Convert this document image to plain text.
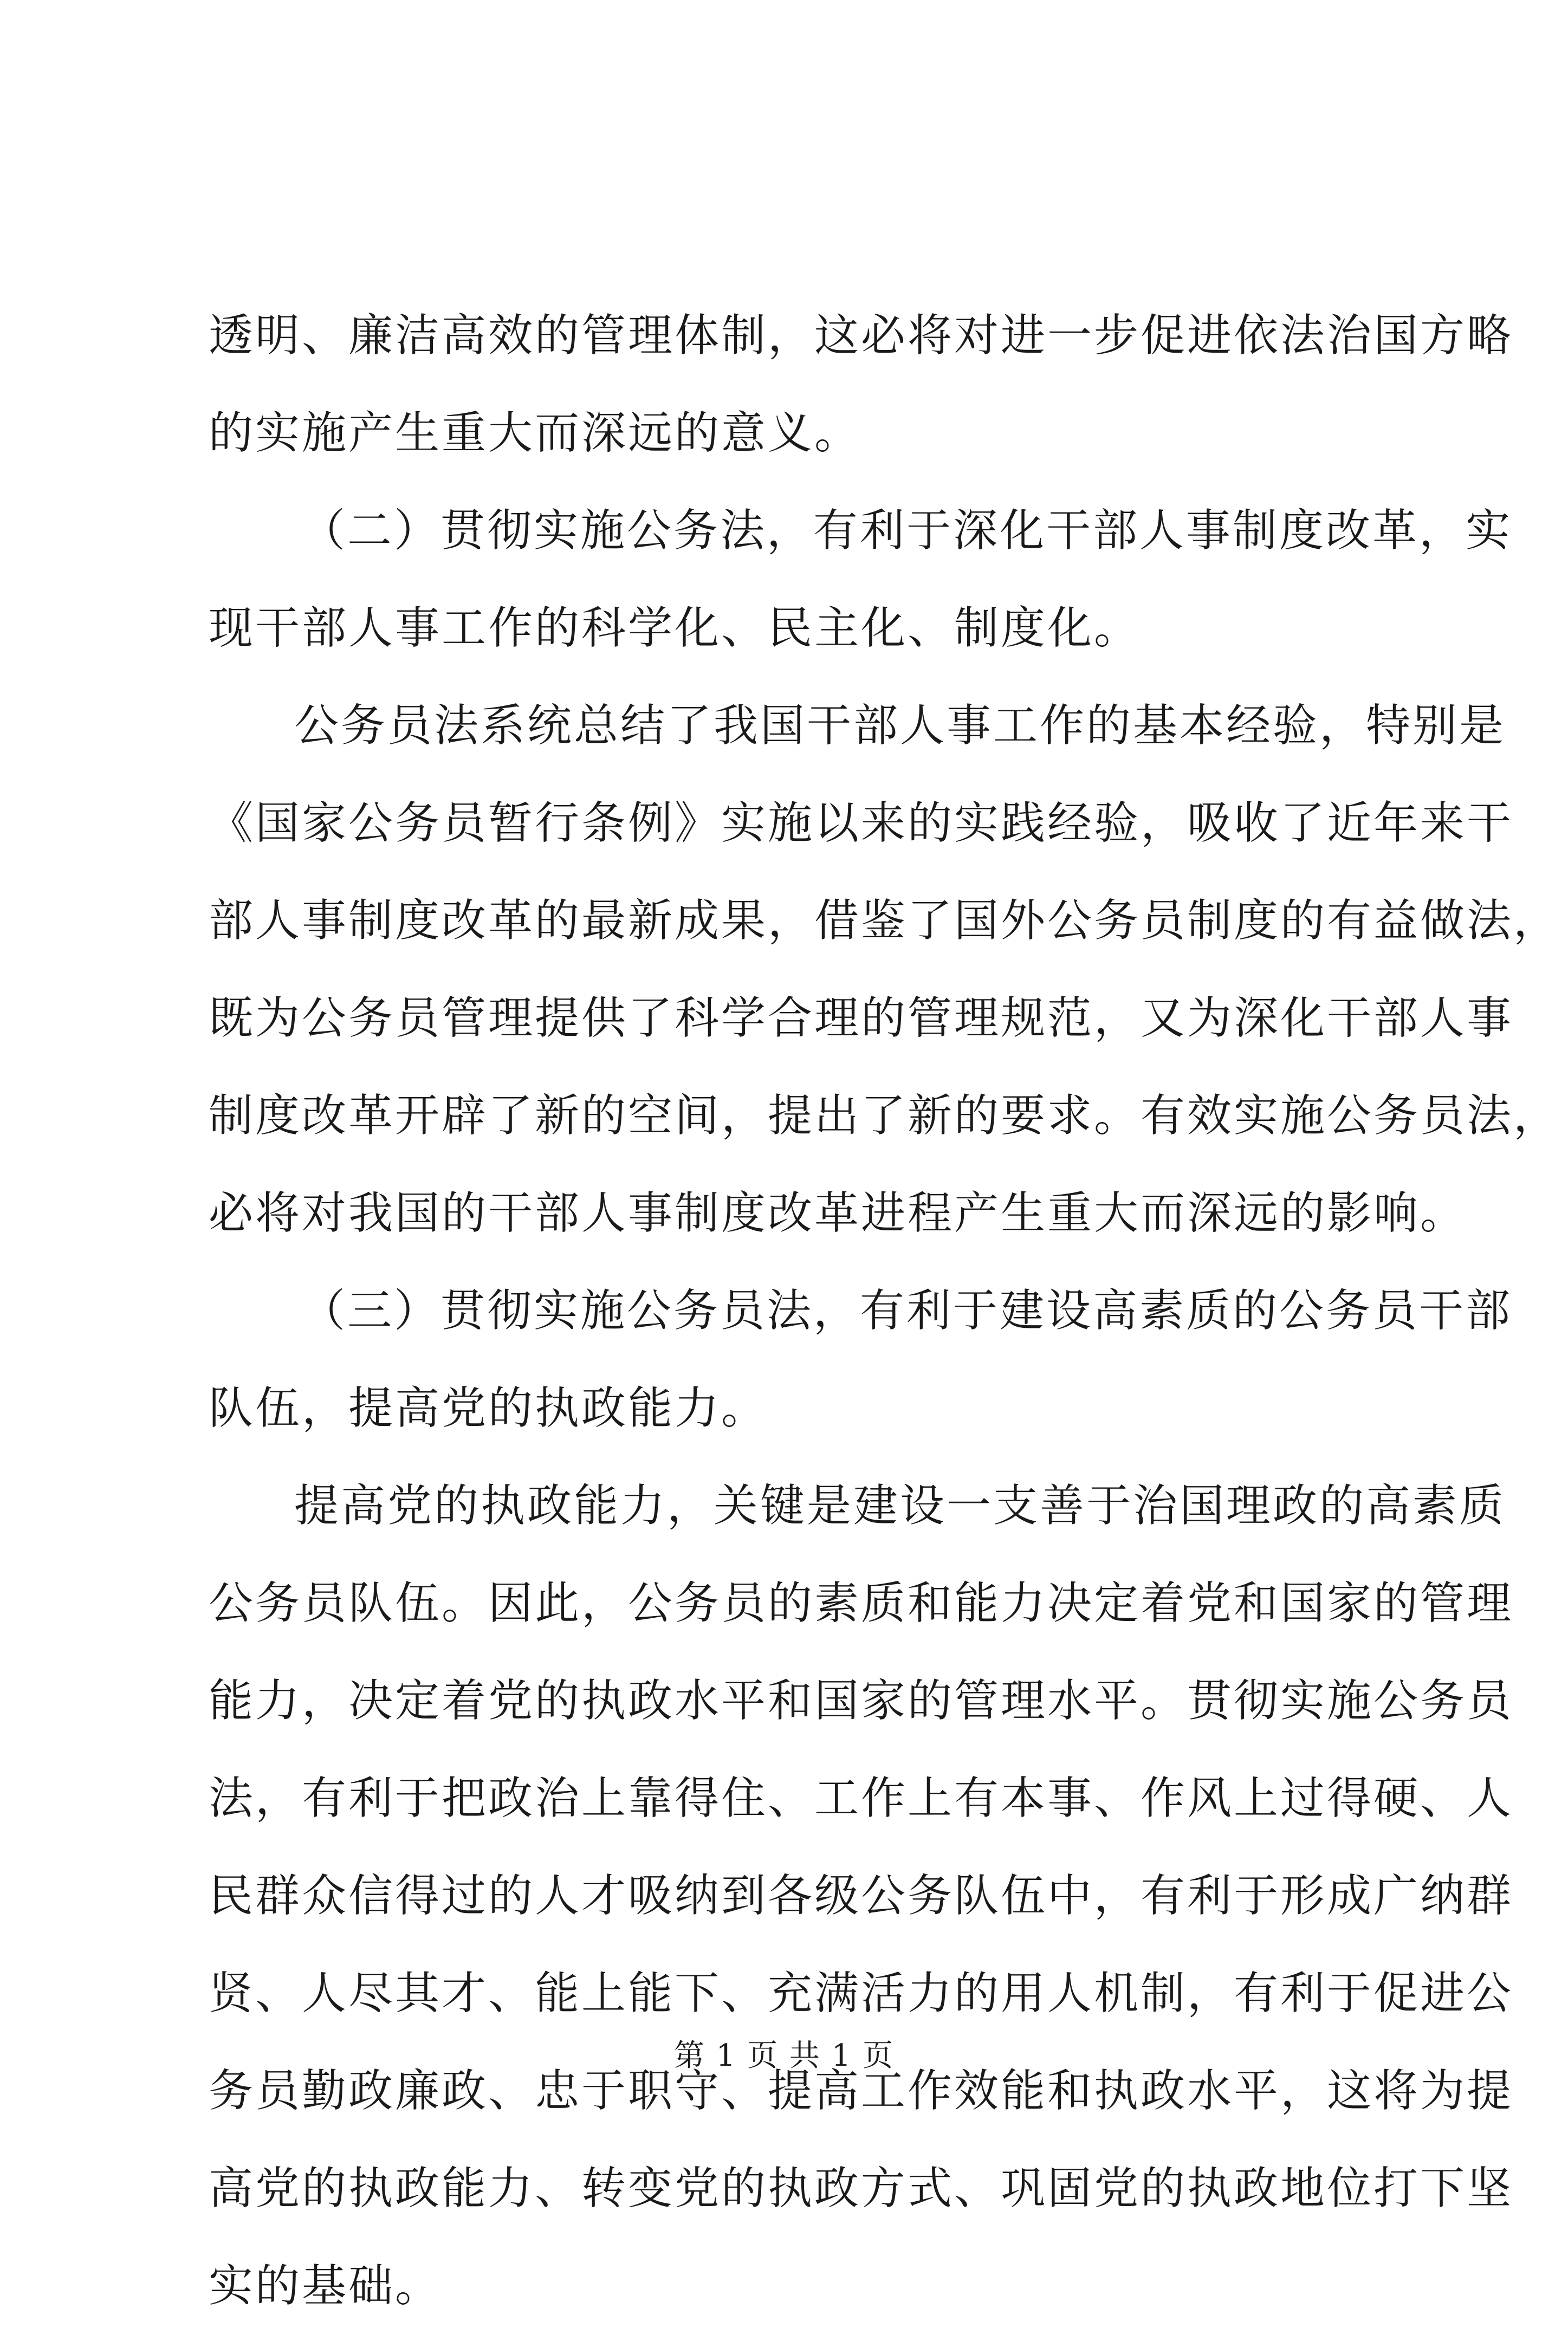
透明、廉洁高效的管理体制，这必将对进一步促进依法治国方略
的实施产生重大而深远的意义。
（二）贯彻实施公务法，有利于深化干部人事制度改革，实
现干部人事工作的科学化、民主化、制度化。
公务员法系统总结了我国干部人事工作的基本经验，特别是
《国家公务员暂行条例》实施以来的实践经验，吸收了近年来干
部人事制度改革的最新成果，借鉴了国外公务员制度的有益做法，
既为公务员管理提供了科学合理的管理规范，又为深化干部人事
制度改革开辟了新的空间，提出了新的要求。有效实施公务员法，
必将对我国的干部人事制度改革进程产生重大而深远的影响。
（三）贯彻实施公务员法，有利于建设高素质的公务员干部
队伍，提高党的执政能力。
提高党的执政能力，关键是建设一支善于治国理政的高素质
公务员队伍。因此，公务员的素质和能力决定着党和国家的管理
能力，决定着党的执政水平和国家的管理水平。贯彻实施公务员
法，有利于把政治上靠得住、工作上有本事、作风上过得硬、人
民群众信得过的人才吸纳到各级公务队伍中，有利于形成广纳群
贤、人尽其才、能上能下、充满活力的用人机制，有利于促进公
务员勤政廉政、忠于职守、提高工作效能和执政水平，这将为提
高党的执政能力、转变党的执政方式、巩固党的执政地位打下坚
实的基础。
第 1 页 共 1 页
